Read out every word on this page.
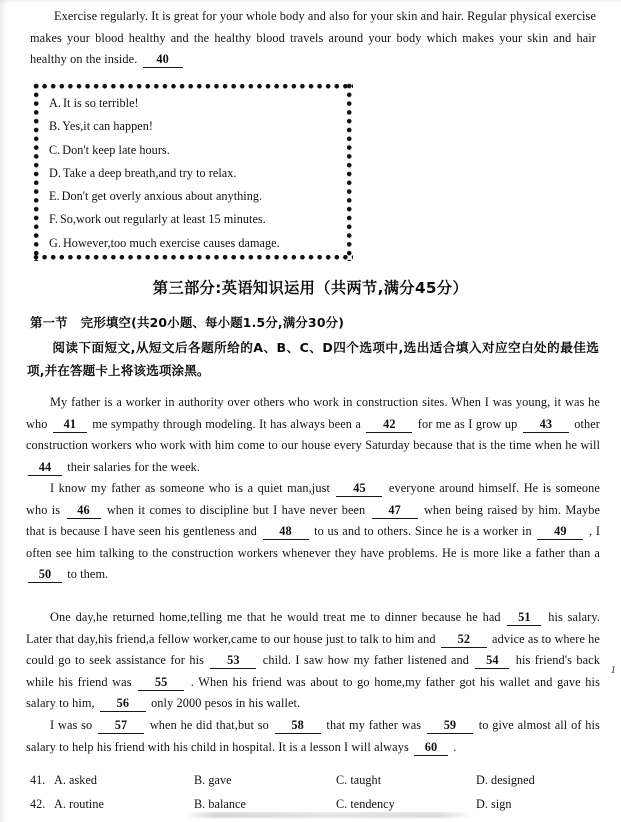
Exercise regularly. It is great for your whole body and also for your skin and hair. Regular physical exercise makes your blood healthy and the healthy blood travels around your body which makes your skin and hair healthy on the inside. 40
A. It is so terrible!
B. Yes,it can happen!
C. Don't keep late hours.
D. Take a deep breath,and try to relax.
E. Don't get overly anxious about anything.
F. So,work out regularly at least 15 minutes.
G. However,too much exercise causes damage.
第三部分:英语知识运用（共两节,满分45分）
第一节 完形填空(共20小题、每小题1.5分,满分30分)
阅读下面短文,从短文后各题所给的A、B、C、D四个选项中,选出适合填入对应空白处的最佳选项,并在答题卡上将该选项涂黑。
My father is a worker in authority over others who work in construction sites. When I was young, it was he who 41 me sympathy through modeling. It has always been a 42 for me as I grow up 43 other construction workers who work with him come to our house every Saturday because that is the time when he will 44 their salaries for the week.
I know my father as someone who is a quiet man,just 45 everyone around himself. He is someone who is 46 when it comes to discipline but I have never been 47 when being raised by him. Maybe that is because I have seen his gentleness and 48 to us and to others. Since he is a worker in 49 , I often see him talking to the construction workers whenever they have problems. He is more like a father than a 50 to them.
One day,he returned home,telling me that he would treat me to dinner because he had 51 his salary. Later that day,his friend,a fellow worker,came to our house just to talk to him and 52 advice as to where he could go to seek assistance for his 53 child. I saw how my father listened and 54 his friend's back while his friend was 55 . When his friend was about to go home,my father got his wallet and gave his salary to him, 56 only 2000 pesos in his wallet.
I was so 57 when he did that,but so 58 that my father was 59 to give almost all of his salary to help his friend with his child in hospital. It is a lesson I will always 60 .
41. A. asked	B. gave	C. taught	D. designed
42. A. routine	B. balance	C. tendency	D. sign
1
